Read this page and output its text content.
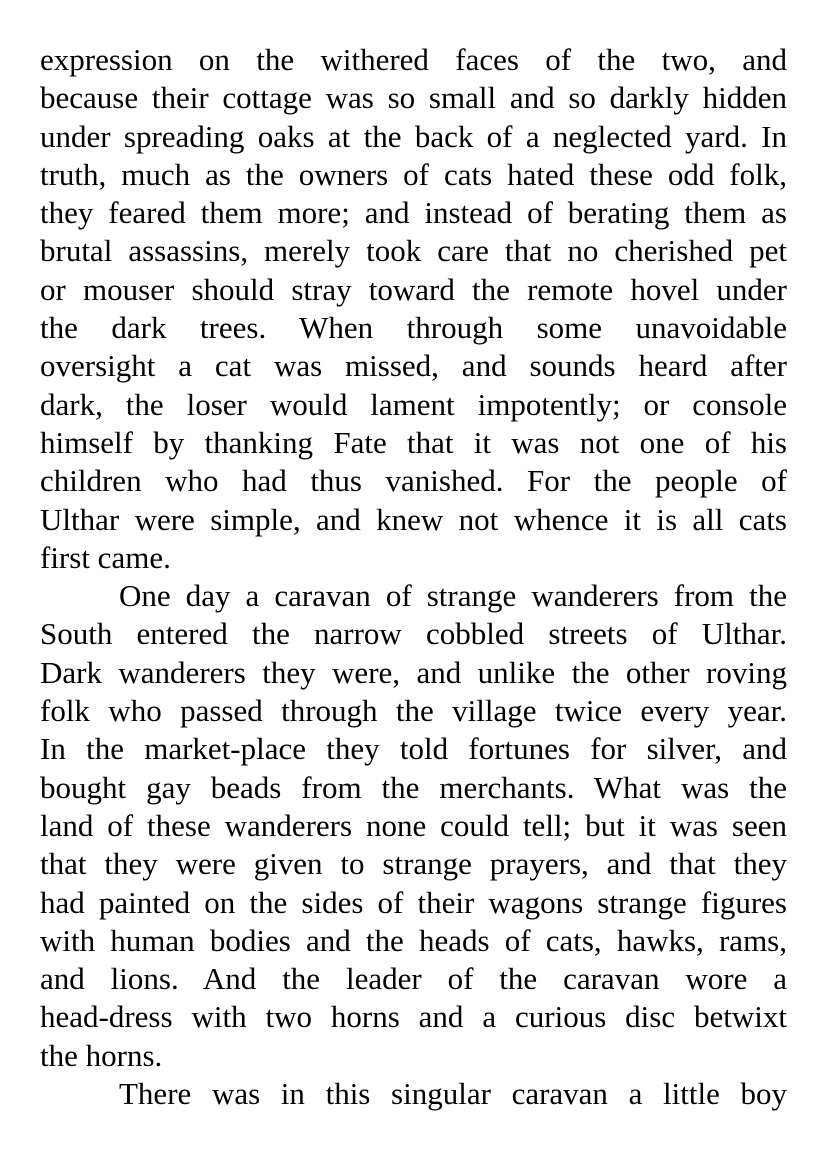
expression on the withered faces of the two, and
because their cottage was so small and so darkly hidden
under spreading oaks at the back of a neglected yard. In
truth, much as the owners of cats hated these odd folk,
they feared them more; and instead of berating them as
brutal assassins, merely took care that no cherished pet
or mouser should stray toward the remote hovel under
the dark trees. When through some unavoidable
oversight a cat was missed, and sounds heard after
dark, the loser would lament impotently; or console
himself by thanking Fate that it was not one of his
children who had thus vanished. For the people of
Ulthar were simple, and knew not whence it is all cats
first came.
One day a caravan of strange wanderers from the
South entered the narrow cobbled streets of Ulthar.
Dark wanderers they were, and unlike the other roving
folk who passed through the village twice every year.
In the market-place they told fortunes for silver, and
bought gay beads from the merchants. What was the
land of these wanderers none could tell; but it was seen
that they were given to strange prayers, and that they
had painted on the sides of their wagons strange figures
with human bodies and the heads of cats, hawks, rams,
and lions. And the leader of the caravan wore a
head-dress with two horns and a curious disc betwixt
the horns.
There was in this singular caravan a little boy
